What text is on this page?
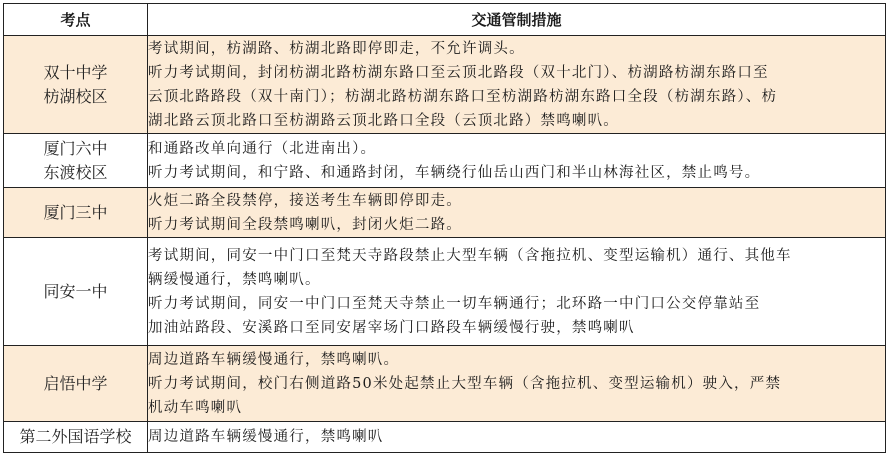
考点	交通管制措施

双十中学
枋湖校区	考试期间，枋湖路、枋湖北路即停即走，不允许调头。
听力考试期间，封闭枋湖北路枋湖东路口至云顶北路段（双十北门）、枋湖路枋湖东路口至
云顶北路路段（双十南门）；枋湖北路枋湖东路口至枋湖路枋湖东路口全段（枋湖东路）、枋
湖北路云顶北路口至枋湖路云顶北路口全段（云顶北路）禁鸣喇叭。

厦门六中
东渡校区	和通路改单向通行（北进南出）。
听力考试期间，和宁路、和通路封闭，车辆绕行仙岳山西门和半山林海社区，禁止鸣号。

厦门三中	火炬二路全段禁停，接送考生车辆即停即走。
听力考试期间全段禁鸣喇叭，封闭火炬二路。

同安一中	考试期间，同安一中门口至梵天寺路段禁止大型车辆（含拖拉机、变型运输机）通行、其他车
辆缓慢通行，禁鸣喇叭。
听力考试期间，同安一中门口至梵天寺禁止一切车辆通行；北环路一中门口公交停靠站至
加油站路段、安溪路口至同安屠宰场门口路段车辆缓慢行驶，禁鸣喇叭

启悟中学	周边道路车辆缓慢通行，禁鸣喇叭。
听力考试期间，校门右侧道路50米处起禁止大型车辆（含拖拉机、变型运输机）驶入，严禁
机动车鸣喇叭

第二外国语学校	周边道路车辆缓慢通行，禁鸣喇叭
